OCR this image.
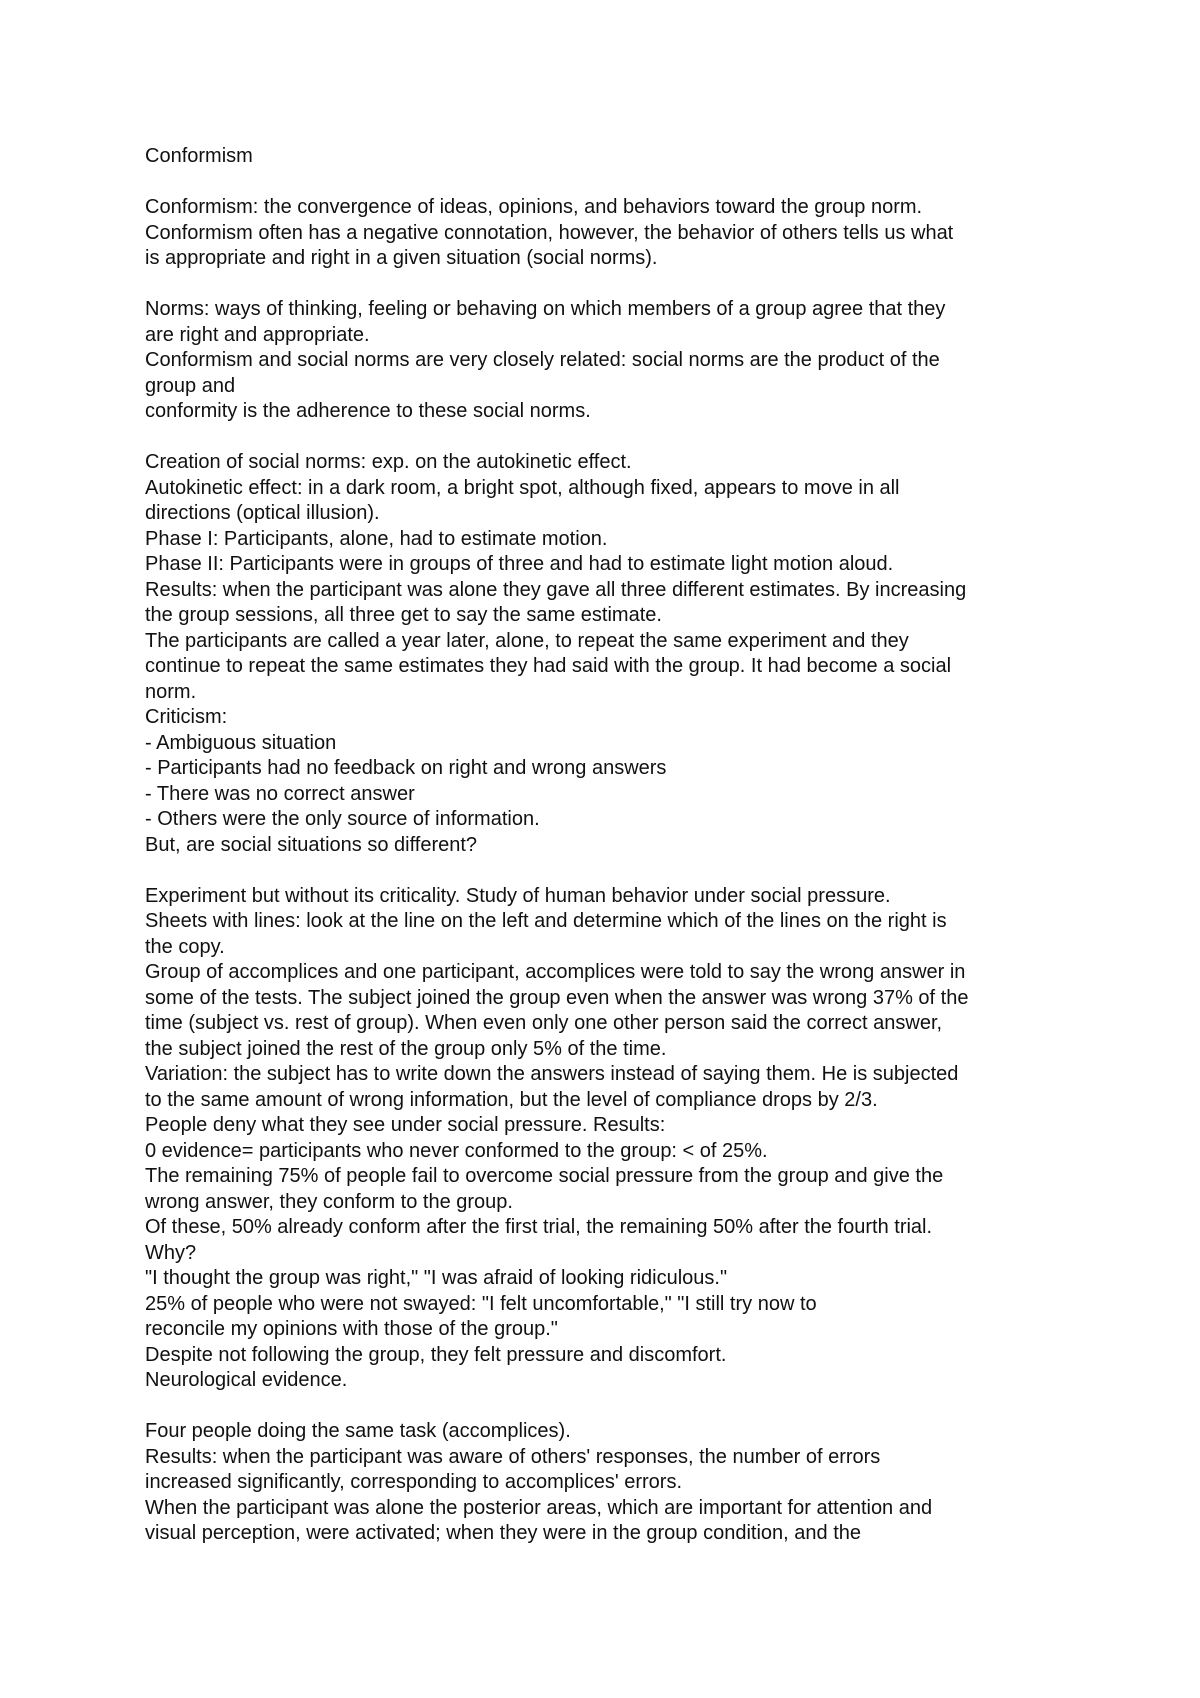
Conformism
Conformism: the convergence of ideas, opinions, and behaviors toward the group norm.
Conformism often has a negative connotation, however, the behavior of others tells us what
is appropriate and right in a given situation (social norms).
Norms: ways of thinking, feeling or behaving on which members of a group agree that they
are right and appropriate.
Conformism and social norms are very closely related: social norms are the product of the
group and
conformity is the adherence to these social norms.
Creation of social norms: exp. on the autokinetic effect.
Autokinetic effect: in a dark room, a bright spot, although fixed, appears to move in all
directions (optical illusion).
Phase I: Participants, alone, had to estimate motion.
Phase II: Participants were in groups of three and had to estimate light motion aloud.
Results: when the participant was alone they gave all three different estimates. By increasing
the group sessions, all three get to say the same estimate.
The participants are called a year later, alone, to repeat the same experiment and they
continue to repeat the same estimates they had said with the group. It had become a social
norm.
Criticism:
- Ambiguous situation
- Participants had no feedback on right and wrong answers
- There was no correct answer
- Others were the only source of information.
But, are social situations so different?
Experiment but without its criticality. Study of human behavior under social pressure.
Sheets with lines: look at the line on the left and determine which of the lines on the right is
the copy.
Group of accomplices and one participant, accomplices were told to say the wrong answer in
some of the tests. The subject joined the group even when the answer was wrong 37% of the
time (subject vs. rest of group). When even only one other person said the correct answer,
the subject joined the rest of the group only 5% of the time.
Variation: the subject has to write down the answers instead of saying them. He is subjected
to the same amount of wrong information, but the level of compliance drops by 2/3.
People deny what they see under social pressure. Results:
0 evidence= participants who never conformed to the group: < of 25%.
The remaining 75% of people fail to overcome social pressure from the group and give the
wrong answer, they conform to the group.
Of these, 50% already conform after the first trial, the remaining 50% after the fourth trial.
Why?
"I thought the group was right," "I was afraid of looking ridiculous."
25% of people who were not swayed: "I felt uncomfortable," "I still try now to
reconcile my opinions with those of the group."
Despite not following the group, they felt pressure and discomfort.
Neurological evidence.
Four people doing the same task (accomplices).
Results: when the participant was aware of others' responses, the number of errors
increased significantly, corresponding to accomplices' errors.
When the participant was alone the posterior areas, which are important for attention and
visual perception, were activated; when they were in the group condition, and the
